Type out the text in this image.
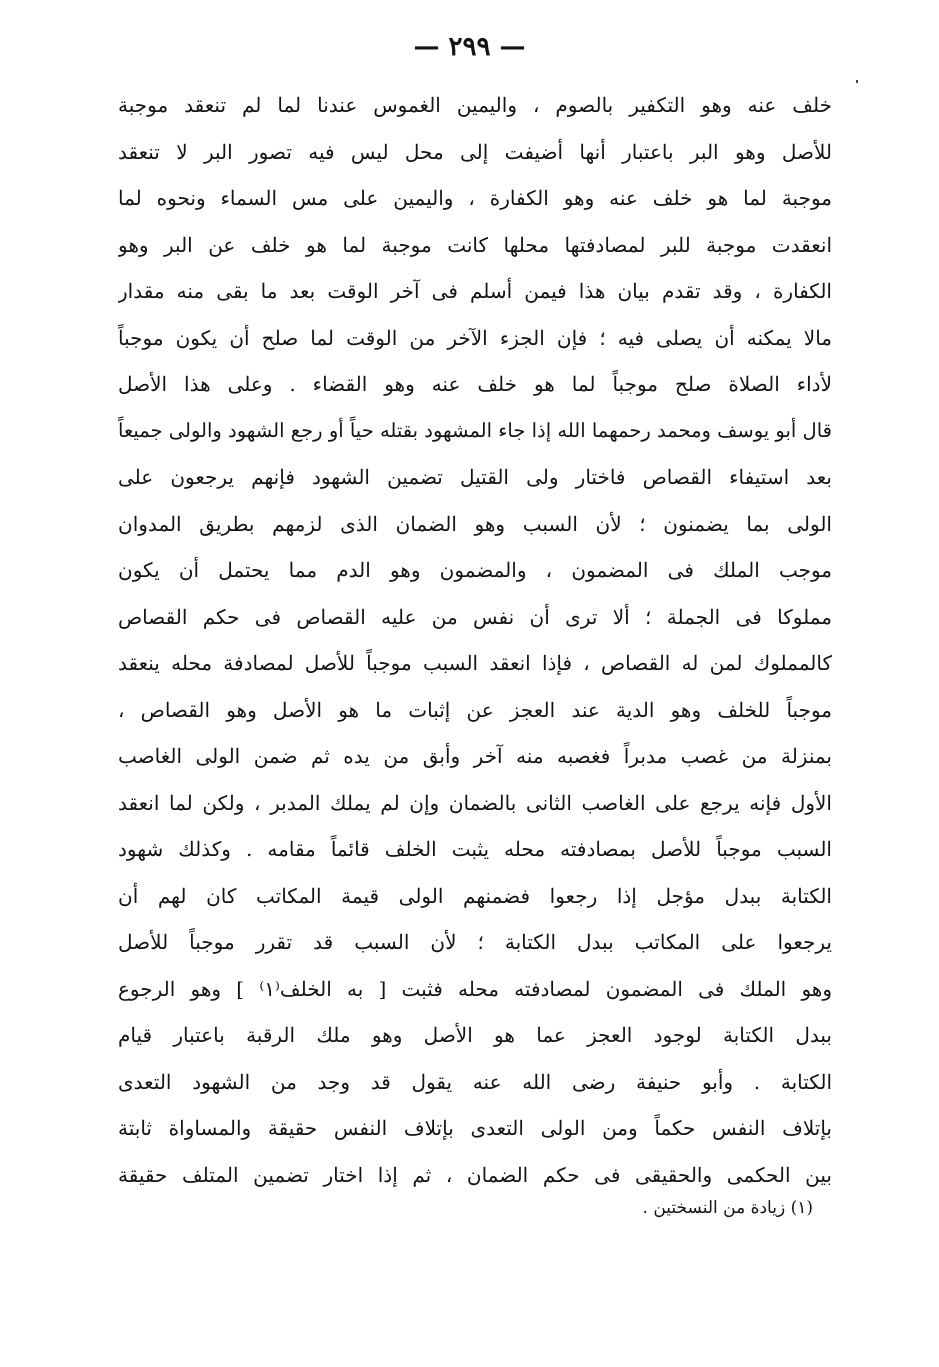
— ٢٩٩ —
خلف عنه وهو التكفير بالصوم ، واليمين الغموس عندنا لما لم تنعقد موجبة
للأصل وهو البر باعتبار أنها أضيفت إلى محل ليس فيه تصور البر لا تنعقد
موجبة لما هو خلف عنه وهو الكفارة ، واليمين على مس السماء ونحوه لما
انعقدت موجبة للبر لمصادفتها محلها كانت موجبة لما هو خلف عن البر وهو
الكفارة ، وقد تقدم بيان هذا فيمن أسلم فى آخر الوقت بعد ما بقى منه مقدار
مالا يمكنه أن يصلى فيه ؛ فإن الجزء الآخر من الوقت لما صلح أن يكون موجباً
لأداء الصلاة صلح موجباً لما هو خلف عنه وهو القضاء . وعلى هذا الأصل
قال أبو يوسف ومحمد رحمهما الله إذا جاء المشهود بقتله حياً أو رجع الشهود والولى جميعاً
بعد استيفاء القصاص فاختار ولى القتيل تضمين الشهود فإنهم يرجعون على
الولى بما يضمنون ؛ لأن السبب وهو الضمان الذى لزمهم بطريق المدوان
موجب الملك فى المضمون ، والمضمون وهو الدم مما يحتمل أن يكون
مملوكا فى الجملة ؛ ألا ترى أن نفس من عليه القصاص فى حكم القصاص
كالمملوك لمن له القصاص ، فإذا انعقد السبب موجباً للأصل لمصادفة محله ينعقد
موجباً للخلف وهو الدية عند العجز عن إثبات ما هو الأصل وهو القصاص ،
بمنزلة من غصب مدبراً فغصبه منه آخر وأبق من يده ثم ضمن الولى الغاصب
الأول فإنه يرجع على الغاصب الثانى بالضمان وإن لم يملك المدبر ، ولكن لما انعقد
السبب موجباً للأصل بمصادفته محله يثبت الخلف قائماً مقامه . وكذلك شهود
الكتابة ببدل مؤجل إذا رجعوا فضمنهم الولى قيمة المكاتب كان لهم أن
يرجعوا على المكاتب ببدل الكتابة ؛ لأن السبب قد تقرر موجباً للأصل
وهو الملك فى المضمون لمصادفته محله فثبت [ به الخلف⁽١⁾ ] وهو الرجوع
ببدل الكتابة لوجود العجز عما هو الأصل وهو ملك الرقبة باعتبار قيام
الكتابة . وأبو حنيفة رضى الله عنه يقول قد وجد من الشهود التعدى
بإتلاف النفس حكماً ومن الولى التعدى بإتلاف النفس حقيقة والمساواة ثابتة
بين الحكمى والحقيقى فى حكم الضمان ، ثم إذا اختار تضمين المتلف حقيقة
(١) زيادة من النسختين .
